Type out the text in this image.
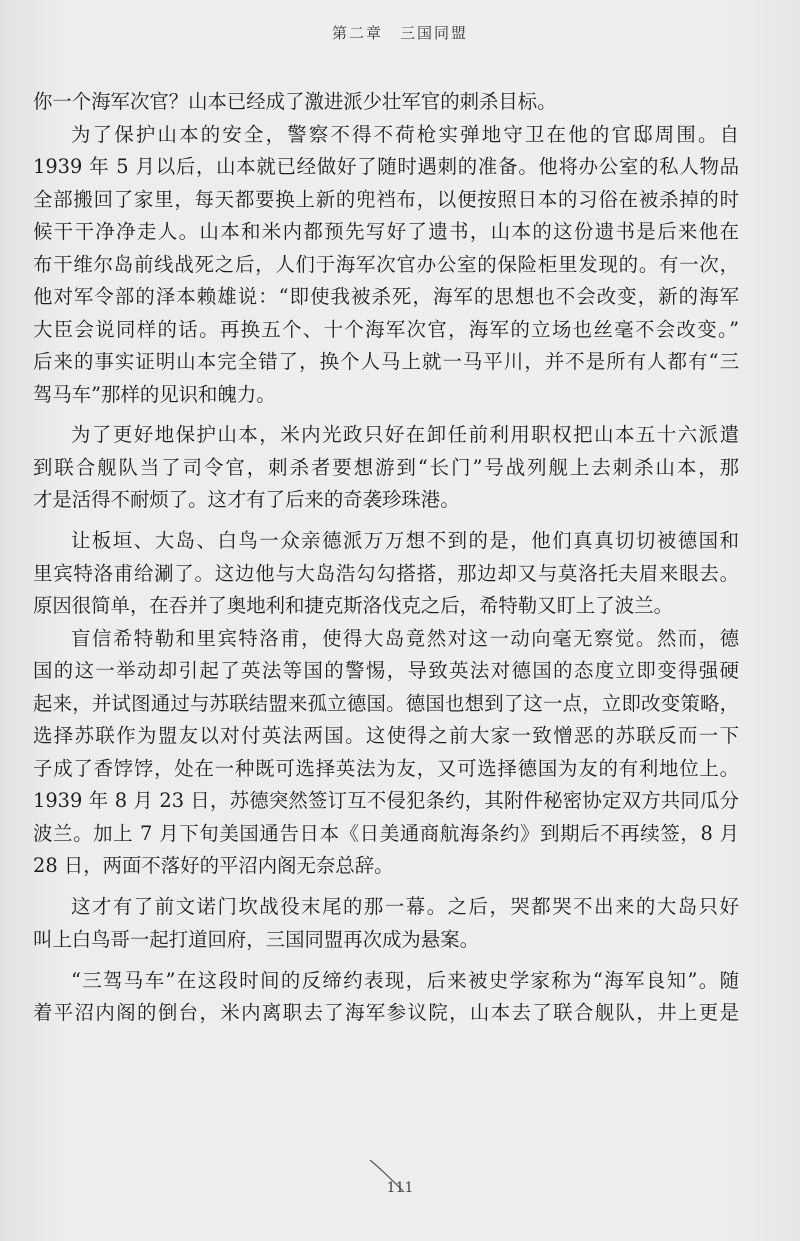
第二章　三国同盟
你一个海军次官？山本已经成了激进派少壮军官的刺杀目标。
为了保护山本的安全，警察不得不荷枪实弹地守卫在他的官邸周围。自
1939 年 5 月以后，山本就已经做好了随时遇刺的准备。他将办公室的私人物品
全部搬回了家里，每天都要换上新的兜裆布，以便按照日本的习俗在被杀掉的时
候干干净净走人。山本和米内都预先写好了遗书，山本的这份遗书是后来他在
布干维尔岛前线战死之后，人们于海军次官办公室的保险柜里发现的。有一次，
他对军令部的泽本赖雄说：“即使我被杀死，海军的思想也不会改变，新的海军
大臣会说同样的话。再换五个、十个海军次官，海军的立场也丝毫不会改变。”
后来的事实证明山本完全错了，换个人马上就一马平川，并不是所有人都有“三
驾马车”那样的见识和魄力。
为了更好地保护山本，米内光政只好在卸任前利用职权把山本五十六派遣
到联合舰队当了司令官，刺杀者要想游到“长门”号战列舰上去刺杀山本，那
才是活得不耐烦了。这才有了后来的奇袭珍珠港。
让板垣、大岛、白鸟一众亲德派万万想不到的是，他们真真切切被德国和
里宾特洛甫给涮了。这边他与大岛浩勾勾搭搭，那边却又与莫洛托夫眉来眼去。
原因很简单，在吞并了奥地利和捷克斯洛伐克之后，希特勒又盯上了波兰。
盲信希特勒和里宾特洛甫，使得大岛竟然对这一动向毫无察觉。然而，德
国的这一举动却引起了英法等国的警惕，导致英法对德国的态度立即变得强硬
起来，并试图通过与苏联结盟来孤立德国。德国也想到了这一点，立即改变策略，
选择苏联作为盟友以对付英法两国。这使得之前大家一致憎恶的苏联反而一下
子成了香饽饽，处在一种既可选择英法为友，又可选择德国为友的有利地位上。
1939 年 8 月 23 日，苏德突然签订互不侵犯条约，其附件秘密协定双方共同瓜分
波兰。加上 7 月下旬美国通告日本《日美通商航海条约》到期后不再续签，8 月
28 日，两面不落好的平沼内阁无奈总辞。
这才有了前文诺门坎战役末尾的那一幕。之后，哭都哭不出来的大岛只好
叫上白鸟哥一起打道回府，三国同盟再次成为悬案。
“三驾马车”在这段时间的反缔约表现，后来被史学家称为“海军良知”。随
着平沼内阁的倒台，米内离职去了海军参议院，山本去了联合舰队，井上更是
111
